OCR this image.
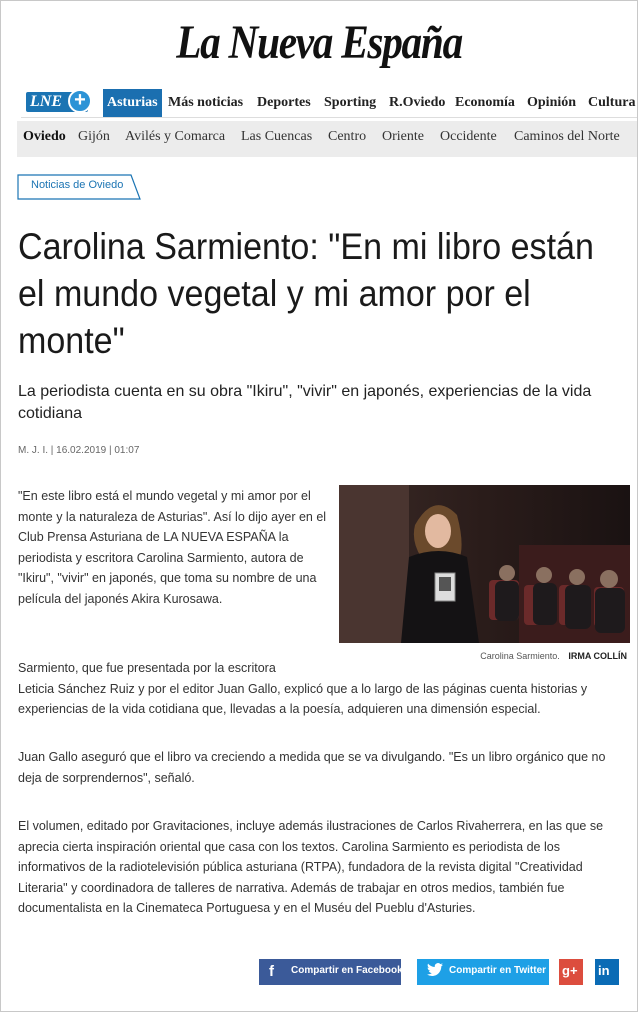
La Nueva España
LNE +	Asturias Más noticias Deportes Sporting R.Oviedo Economía Opinión Cultura
Oviedo Gijón Avilés y Comarca Las Cuencas Centro Oriente Occidente Caminos del Norte
Noticias de Oviedo
Carolina Sarmiento: "En mi libro están el mundo vegetal y mi amor por el monte"
La periodista cuenta en su obra "Ikiru", "vivir" en japonés, experiencias de la vida cotidiana
M. J. I. | 16.02.2019 | 01:07
Carolina Sarmiento. IRMA COLLÍN
"En este libro está el mundo vegetal y mi amor por el monte y la naturaleza de Asturias". Así lo dijo ayer en el Club Prensa Asturiana de LA NUEVA ESPAÑA la periodista y escritora Carolina Sarmiento, autora de "Ikiru", "vivir" en japonés, que toma su nombre de una película del japonés Akira Kurosawa.
Sarmiento, que fue presentada por la escritora
Leticia Sánchez Ruiz y por el editor Juan Gallo, explicó que a lo largo de las páginas cuenta historias y experiencias de la vida cotidiana que, llevadas a la poesía, adquieren una dimensión especial.
Juan Gallo aseguró que el libro va creciendo a medida que se va divulgando. "Es un libro orgánico que no deja de sorprendernos", señaló.
El volumen, editado por Gravitaciones, incluye además ilustraciones de Carlos Rivaherrera, en las que se aprecia cierta inspiración oriental que casa con los textos. Carolina Sarmiento es periodista de los informativos de la radiotelevisión pública asturiana (RTPA), fundadora de la revista digital "Creatividad Literaria" y coordinadora de talleres de narrativa. Además de trabajar en otros medios, también fue documentalista en la Cinemateca Portuguesa y en el Muséu del Pueblu d'Asturies.
f Compartir en Facebook	Compartir en Twitter g+ in
